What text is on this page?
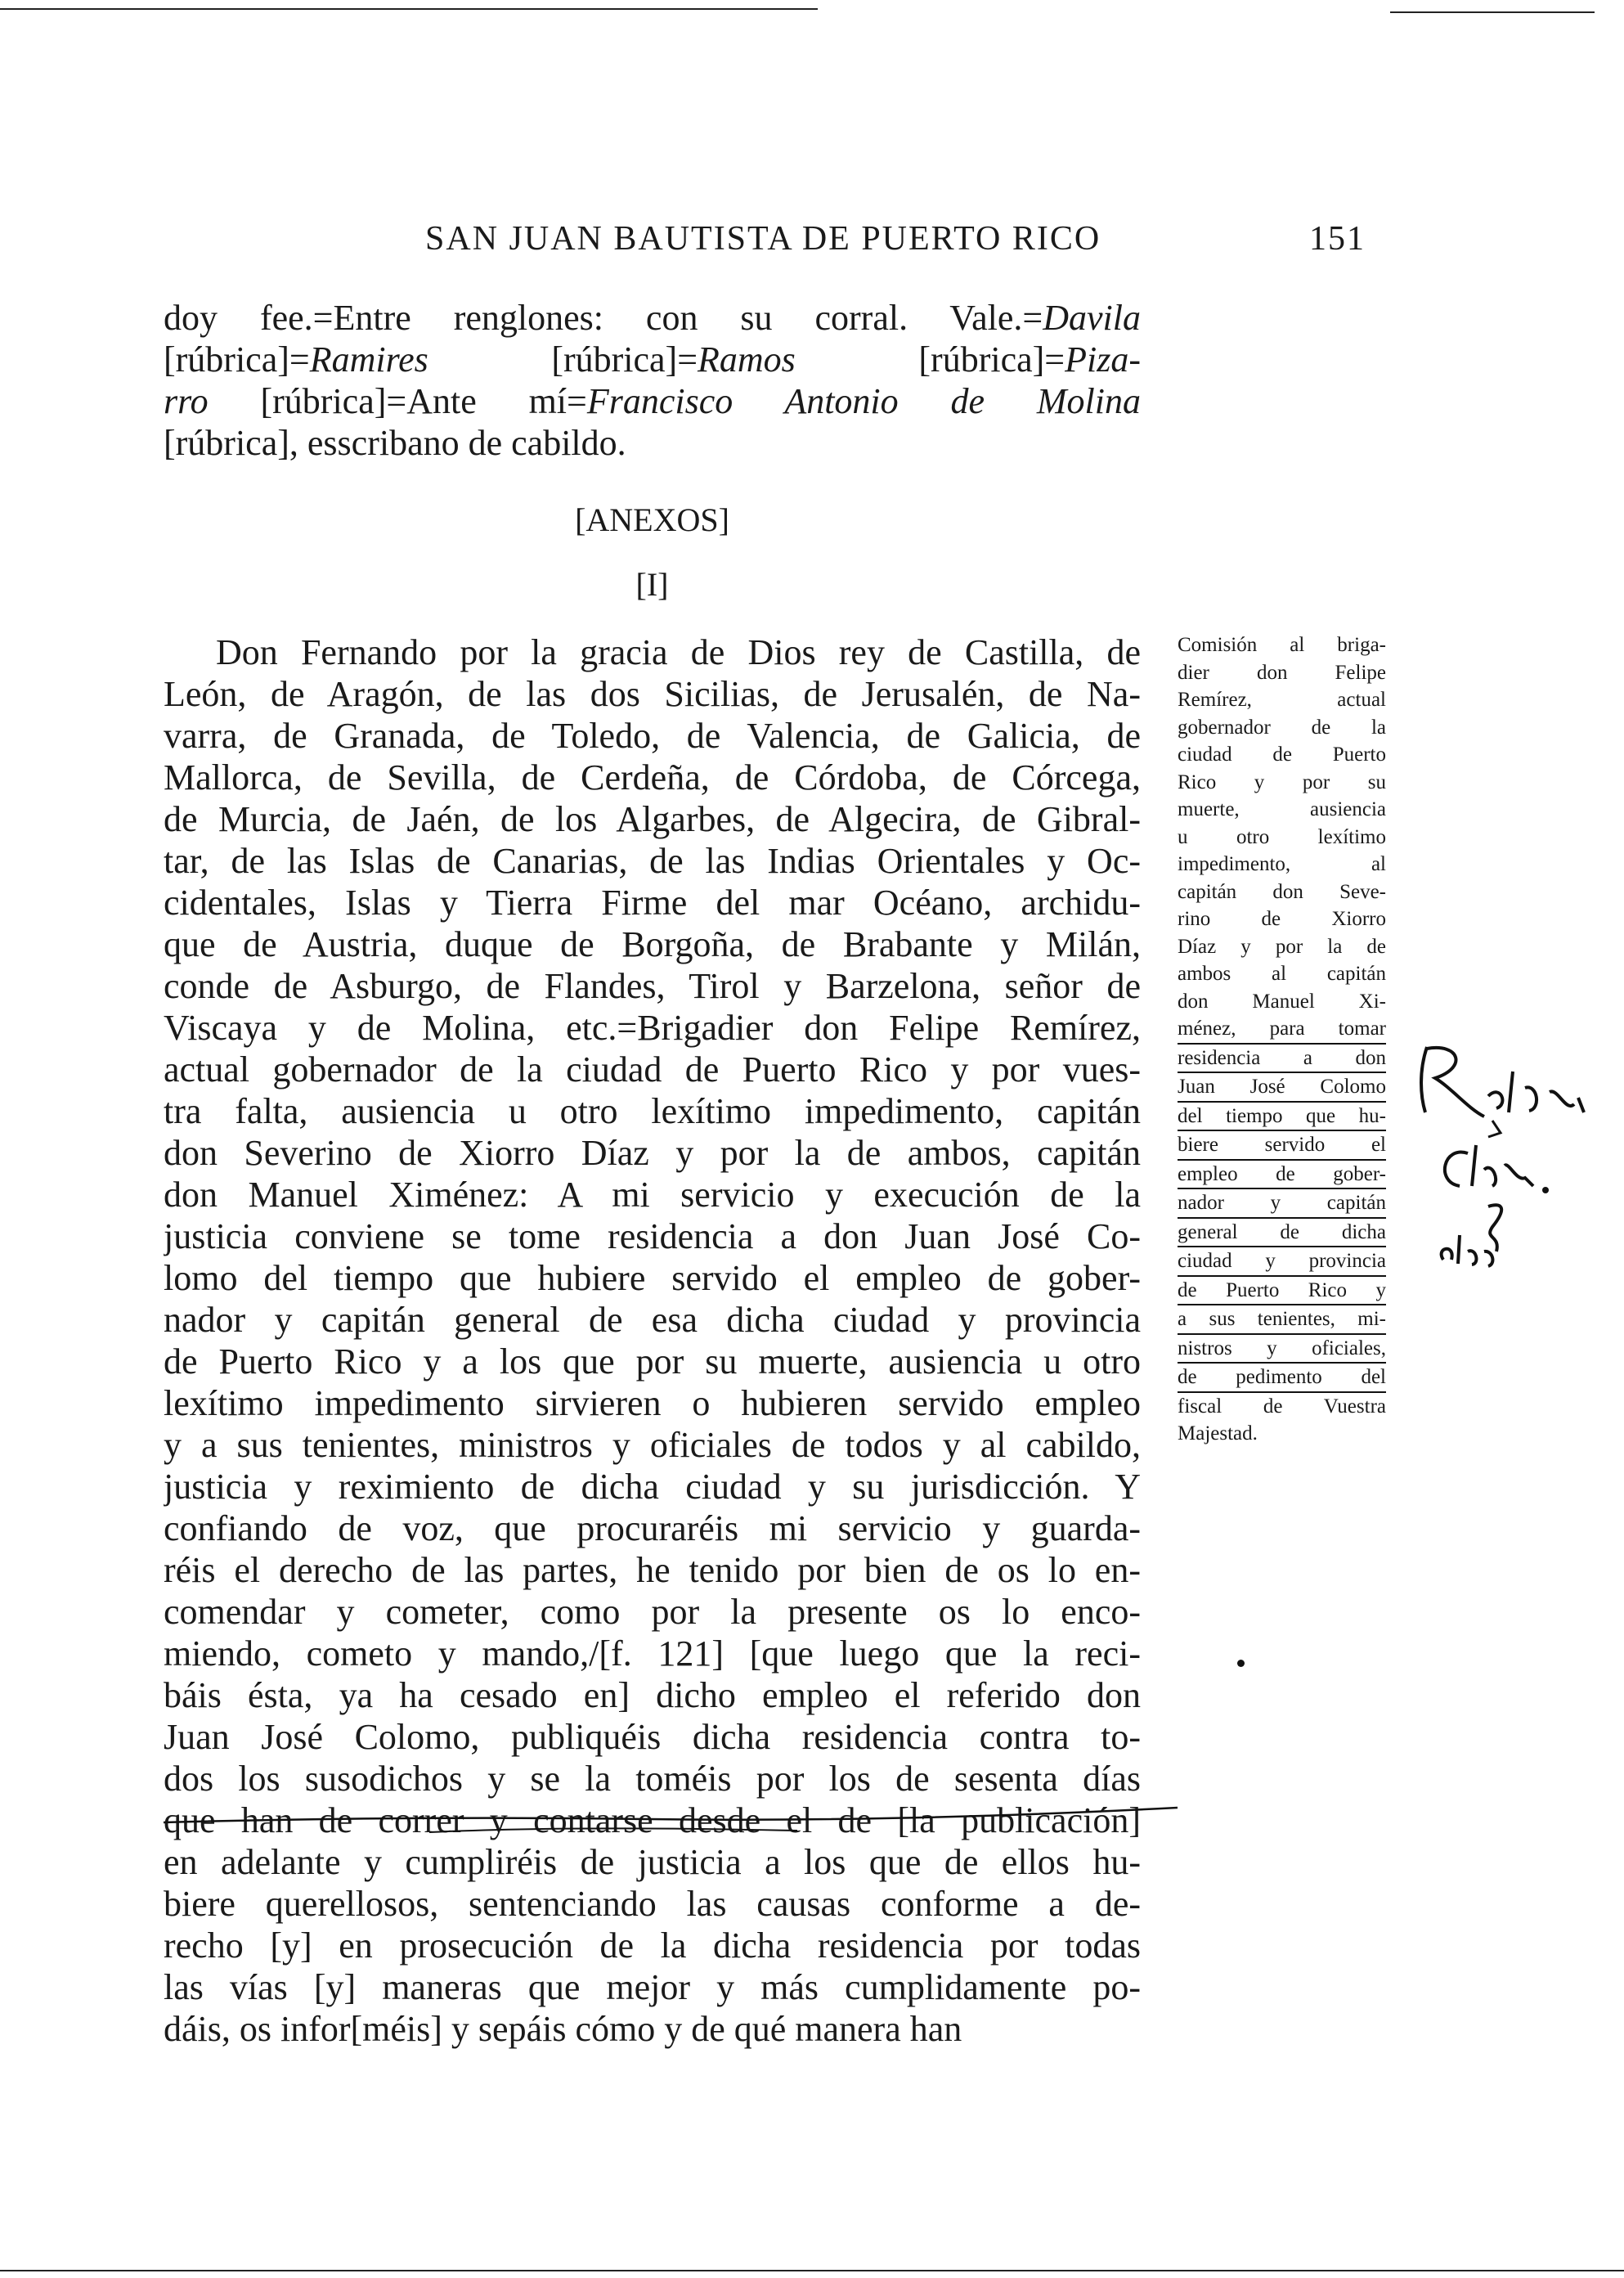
SAN JUAN BAUTISTA DE PUERTO RICO	151
doy fee.=Entre renglones: con su corral. Vale.=Davila
[rúbrica]=Ramires [rúbrica]=Ramos [rúbrica]=Piza-
rro [rúbrica]=Ante mí=Francisco Antonio de Molina
[rúbrica], esscribano de cabildo.
[ANEXOS]
[I]
Don Fernando por la gracia de Dios rey de Castilla, de
León, de Aragón, de las dos Sicilias, de Jerusalén, de Na-
varra, de Granada, de Toledo, de Valencia, de Galicia, de
Mallorca, de Sevilla, de Cerdeña, de Córdoba, de Córcega,
de Murcia, de Jaén, de los Algarbes, de Algecira, de Gibral-
tar, de las Islas de Canarias, de las Indias Orientales y Oc-
cidentales, Islas y Tierra Firme del mar Océano, archidu-
que de Austria, duque de Borgoña, de Brabante y Milán,
conde de Asburgo, de Flandes, Tirol y Barzelona, señor de
Viscaya y de Molina, etc.=Brigadier don Felipe Remírez,
actual gobernador de la ciudad de Puerto Rico y por vues-
tra falta, ausiencia u otro lexítimo impedimento, capitán
don Severino de Xiorro Díaz y por la de ambos, capitán
don Manuel Ximénez: A mi servicio y execución de la
justicia conviene se tome residencia a don Juan José Co-
lomo del tiempo que hubiere servido el empleo de gober-
nador y capitán general de esa dicha ciudad y provincia
de Puerto Rico y a los que por su muerte, ausiencia u otro
lexítimo impedimento sirvieren o hubieren servido empleo
y a sus tenientes, ministros y oficiales de todos y al cabildo,
justicia y reximiento de dicha ciudad y su jurisdicción. Y
confiando de voz, que procuraréis mi servicio y guarda-
réis el derecho de las partes, he tenido por bien de os lo en-
comendar y cometer, como por la presente os lo enco-
miendo, cometo y mando,/[f. 121] [que luego que la reci-
báis ésta, ya ha cesado en] dicho empleo el referido don
Juan José Colomo, publiquéis dicha residencia contra to-
dos los susodichos y se la toméis por los de sesenta días
que han de correr y contarse desde el de [la publicación]
en adelante y cumpliréis de justicia a los que de ellos hu-
biere querellosos, sentenciando las causas conforme a de-
recho [y] en prosecución de la dicha residencia por todas
las vías [y] maneras que mejor y más cumplidamente po-
dáis, os infor[méis] y sepáis cómo y de qué manera han
Comisión al briga-
dier don Felipe
Remírez, actual
gobernador de la
ciudad de Puerto
Rico y por su
muerte, ausiencia
u otro lexítimo
impedimento, al
capitán don Seve-
rino de Xiorro
Díaz y por la de
ambos al capitán
don Manuel Xi-
ménez, para tomar
residencia a don
Juan José Colomo
del tiempo que hu-
biere servido el
empleo de gober-
nador y capitán
general de dicha
ciudad y provincia
de Puerto Rico y
a sus tenientes, mi-
nistros y oficiales,
de pedimento del
fiscal de Vuestra
Majestad.
